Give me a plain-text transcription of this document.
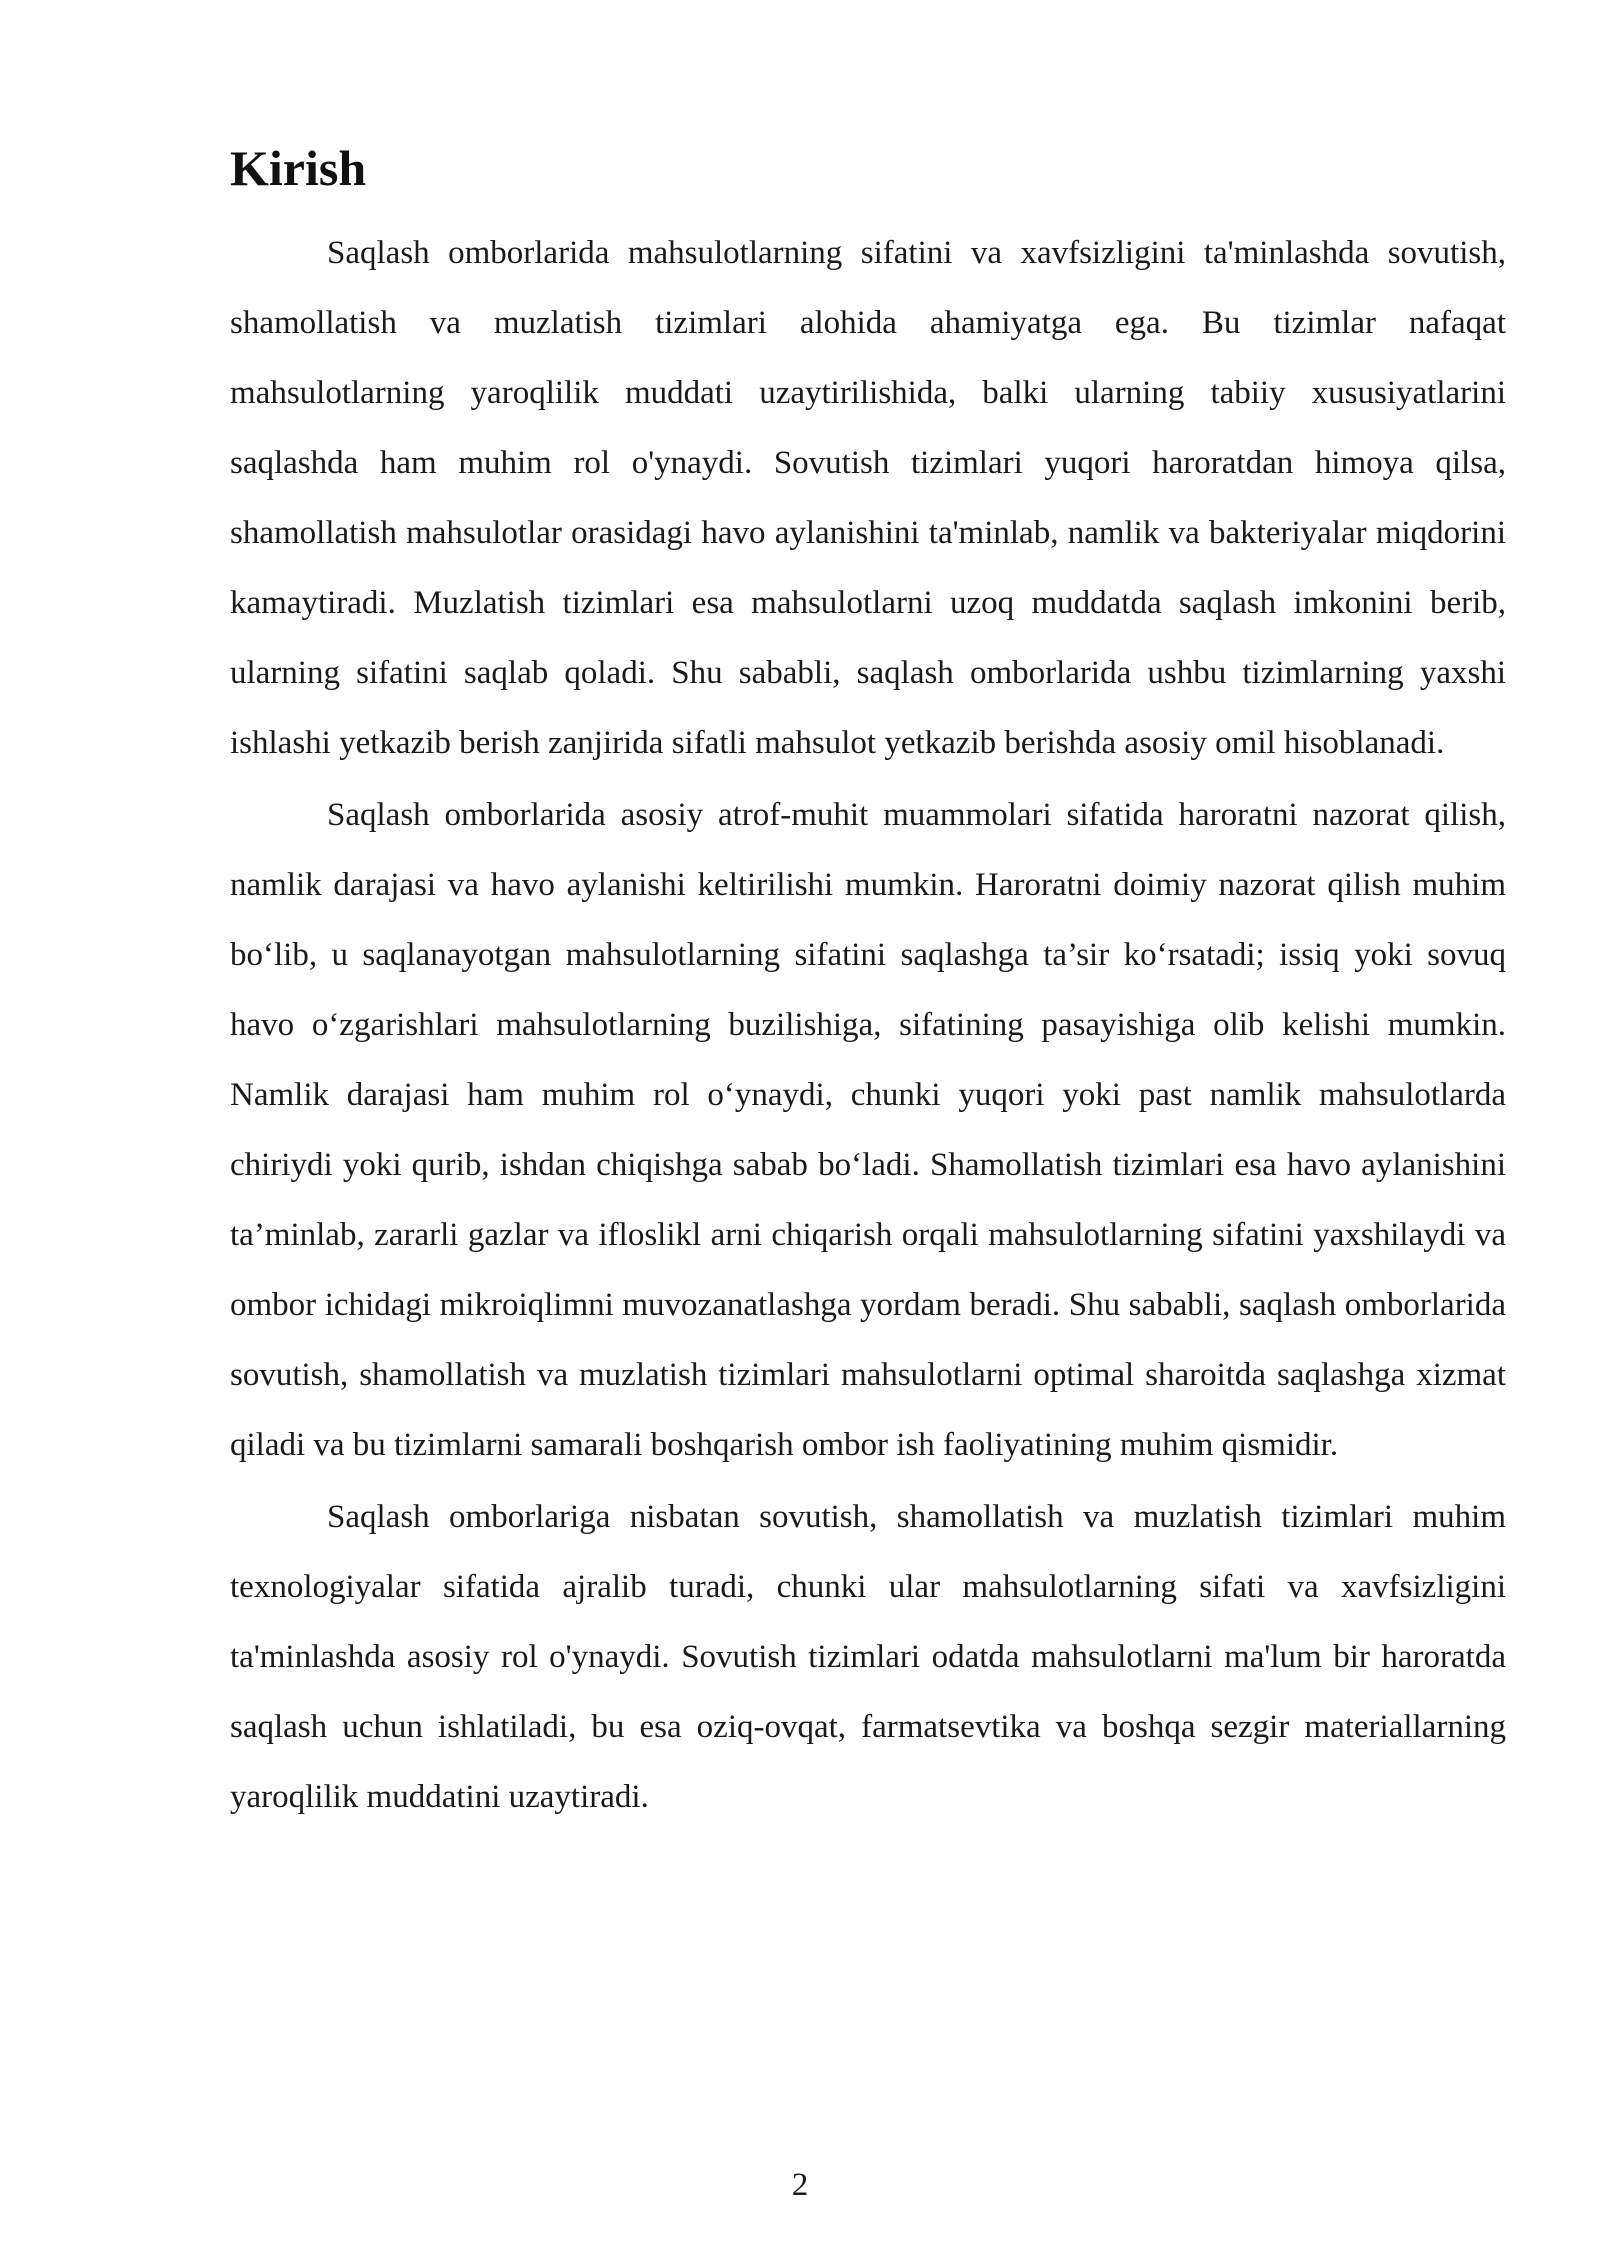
Kirish

Saqlash omborlarida mahsulotlarning sifatini va xavfsizligini ta'minlashda sovutish, shamollatish va muzlatish tizimlari alohida ahamiyatga ega. Bu tizimlar nafaqat mahsulotlarning yaroqlilik muddati uzaytirilishida, balki ularning tabiiy xususiyatlarini saqlashda ham muhim rol o'ynaydi. Sovutish tizimlari yuqori haroratdan himoya qilsa, shamollatish mahsulotlar orasidagi havo aylanishini ta'minlab, namlik va bakteriyalar miqdorini kamaytiradi. Muzlatish tizimlari esa mahsulotlarni uzoq muddatda saqlash imkonini berib, ularning sifatini saqlab qoladi. Shu sababli, saqlash omborlarida ushbu tizimlarning yaxshi ishlashi yetkazib berish zanjirida sifatli mahsulot yetkazib berishda asosiy omil hisoblanadi.

Saqlash omborlarida asosiy atrof-muhit muammolari sifatida haroratni nazorat qilish, namlik darajasi va havo aylanishi keltirilishi mumkin. Haroratni doimiy nazorat qilish muhim bo‘lib, u saqlanayotgan mahsulotlarning sifatini saqlashga ta’sir ko‘rsatadi; issiq yoki sovuq havo o‘zgarishlari mahsulotlarning buzilishiga, sifatining pasayishiga olib kelishi mumkin. Namlik darajasi ham muhim rol o‘ynaydi, chunki yuqori yoki past namlik mahsulotlarda chiriydi yoki qurib, ishdan chiqishga sabab bo‘ladi. Shamollatish tizimlari esa havo aylanishini ta’minlab, zararli gazlar va ifloslikl arni chiqarish orqali mahsulotlarning sifatini yaxshilaydi va ombor ichidagi mikroiqlimni muvozanatlashga yordam beradi. Shu sababli, saqlash omborlarida sovutish, shamollatish va muzlatish tizimlari mahsulotlarni optimal sharoitda saqlashga xizmat qiladi va bu tizimlarni samarali boshqarish ombor ish faoliyatining muhim qismidir.

Saqlash omborlariga nisbatan sovutish, shamollatish va muzlatish tizimlari muhim texnologiyalar sifatida ajralib turadi, chunki ular mahsulotlarning sifati va xavfsizligini ta'minlashda asosiy rol o'ynaydi. Sovutish tizimlari odatda mahsulotlarni ma'lum bir haroratda saqlash uchun ishlatiladi, bu esa oziq-ovqat, farmatsevtika va boshqa sezgir materiallarning yaroqlilik muddatini uzaytiradi.

2
